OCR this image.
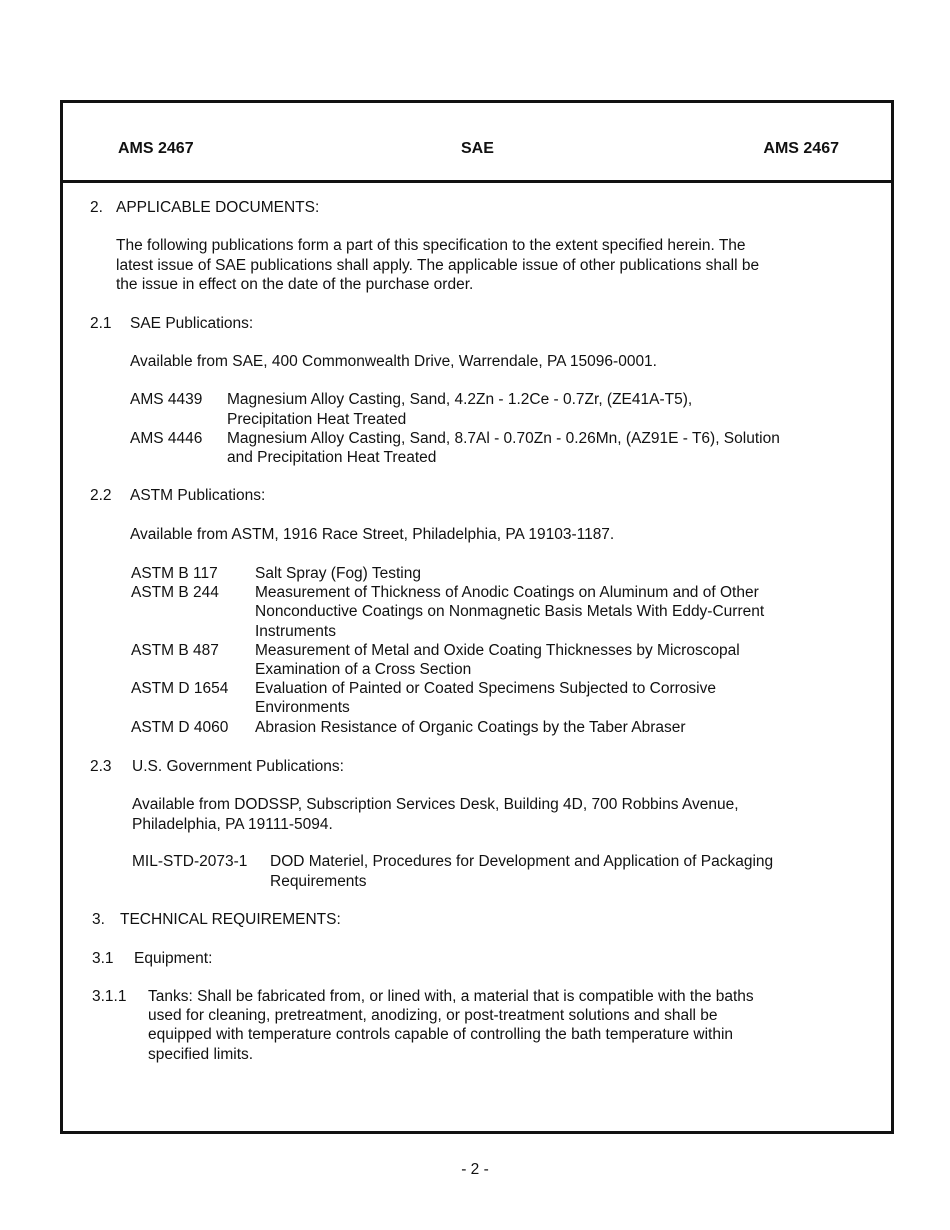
AMS 2467	SAE	AMS 2467
2. APPLICABLE DOCUMENTS:
The following publications form a part of this specification to the extent specified herein. The
latest issue of SAE publications shall apply. The applicable issue of other publications shall be
the issue in effect on the date of the purchase order.
2.1 SAE Publications:
Available from SAE, 400 Commonwealth Drive, Warrendale, PA 15096-0001.
AMS 4439 Magnesium Alloy Casting, Sand, 4.2Zn - 1.2Ce - 0.7Zr, (ZE41A-T5),
Precipitation Heat Treated
AMS 4446 Magnesium Alloy Casting, Sand, 8.7Al - 0.70Zn - 0.26Mn, (AZ91E - T6), Solution
and Precipitation Heat Treated
2.2 ASTM Publications:
Available from ASTM, 1916 Race Street, Philadelphia, PA 19103-1187.
ASTM B 117 Salt Spray (Fog) Testing
ASTM B 244 Measurement of Thickness of Anodic Coatings on Aluminum and of Other
Nonconductive Coatings on Nonmagnetic Basis Metals With Eddy-Current
Instruments
ASTM B 487 Measurement of Metal and Oxide Coating Thicknesses by Microscopal
Examination of a Cross Section
ASTM D 1654 Evaluation of Painted or Coated Specimens Subjected to Corrosive
Environments
ASTM D 4060 Abrasion Resistance of Organic Coatings by the Taber Abraser
2.3 U.S. Government Publications:
Available from DODSSP, Subscription Services Desk, Building 4D, 700 Robbins Avenue,
Philadelphia, PA 19111-5094.
MIL-STD-2073-1 DOD Materiel, Procedures for Development and Application of Packaging
Requirements
3. TECHNICAL REQUIREMENTS:
3.1 Equipment:
3.1.1 Tanks: Shall be fabricated from, or lined with, a material that is compatible with the baths
used for cleaning, pretreatment, anodizing, or post-treatment solutions and shall be
equipped with temperature controls capable of controlling the bath temperature within
specified limits.
- 2 -
